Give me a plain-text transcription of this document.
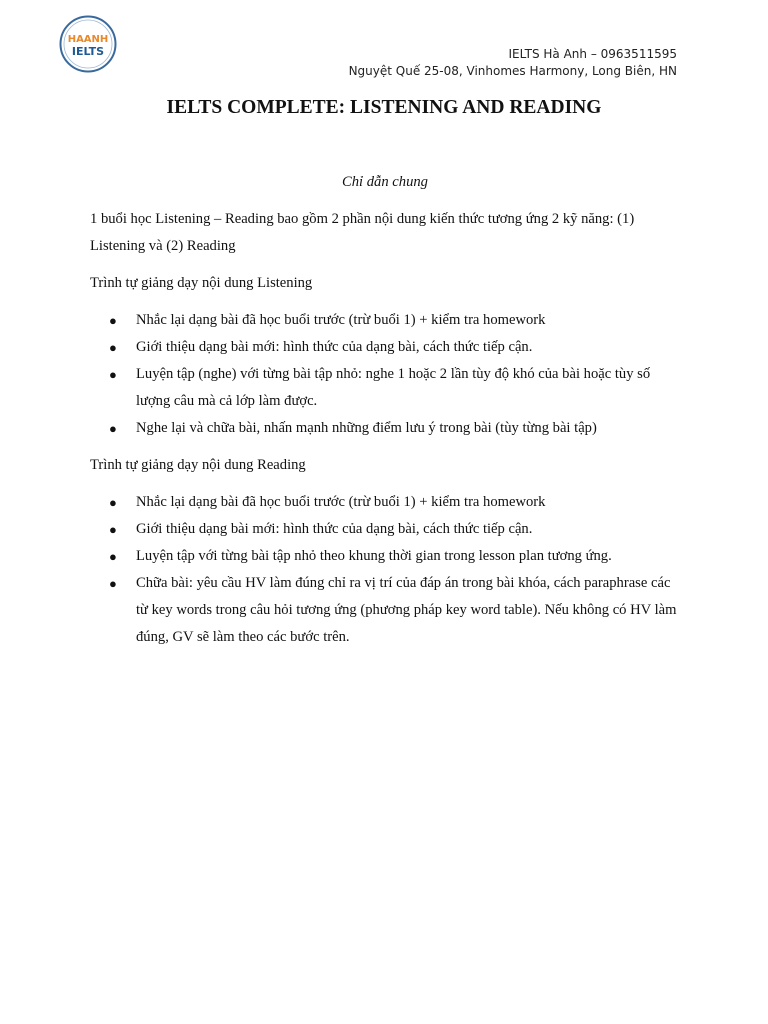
HAANH
IELTS	IELTS Hà Anh – 0963511595
Nguyệt Quế 25-08, Vinhomes Harmony, Long Biên, HN
IELTS COMPLETE: LISTENING AND READING

Chỉ dẫn chung

1 buổi học Listening – Reading bao gồm 2 phần nội dung kiến thức tương ứng 2 kỹ năng: (1) Listening và (2) Reading

Trình tự giảng dạy nội dung Listening

● Nhắc lại dạng bài đã học buổi trước (trừ buổi 1) + kiểm tra homework
● Giới thiệu dạng bài mới: hình thức của dạng bài, cách thức tiếp cận.
● Luyện tập (nghe) với từng bài tập nhỏ: nghe 1 hoặc 2 lần tùy độ khó của bài hoặc tùy số lượng câu mà cả lớp làm được.
● Nghe lại và chữa bài, nhấn mạnh những điểm lưu ý trong bài (tùy từng bài tập)

Trình tự giảng dạy nội dung Reading

● Nhắc lại dạng bài đã học buổi trước (trừ buổi 1) + kiểm tra homework
● Giới thiệu dạng bài mới: hình thức của dạng bài, cách thức tiếp cận.
● Luyện tập với từng bài tập nhỏ theo khung thời gian trong lesson plan tương ứng.
● Chữa bài: yêu cầu HV làm đúng chỉ ra vị trí của đáp án trong bài khóa, cách paraphrase các từ key words trong câu hỏi tương ứng (phương pháp key word table). Nếu không có HV làm đúng, GV sẽ làm theo các bước trên.
